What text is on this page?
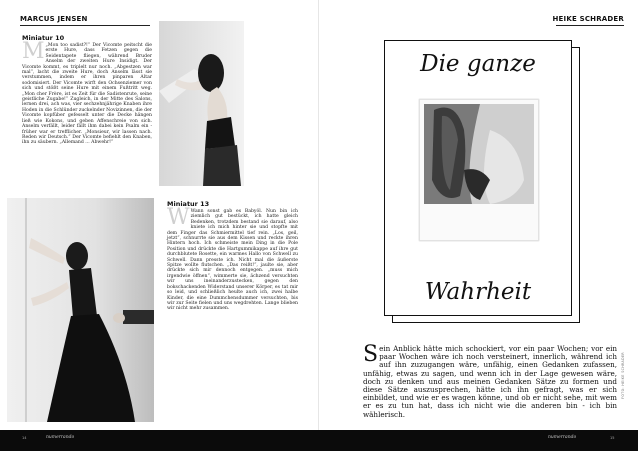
MARCUS JENSEN
Miniatur 10
M „Mon too sadist?!“ Der Vicomte peitscht die erste Hure, dass Fetzen gegen die Seidentapete fliegen, während Bruder Anselm der zweiten Hure Insidigt. Der Vicomte kommt, es triplelt nur noch. „Abgestzen war mal“, lacht die zweite Hure, doch Anselm lässt sie verstummen, indem er ihren pinparen Altar sodomisiert. Der Vicomte wirft den Ochsenziemer von sich und stößt seine Hure mit einem Fußtritt weg. „Mon cher Frère, ist es Zeit für die Sadistenrute, seine geistliche Zugabe!“ Zugleich, in der Mitte des Salons, lernen drei, ach was, vier sechzehnjährige Knaben ihre Hoden in die Schlünder zuckelnder Novizinnen, die der Vicomte kopfüber gefesselt unter die Decke hängen ließ wie Kokons, und geben Affenschreie von sich. Anselm verfällt, leider fällt ihm dabei kein Psalm ein - früher war er trefflicher. „Monsieur, wir lassen nach. Reden wir Deutsch.“ Der Vicomte befiehlt den Knaben, ihn zu säubern. „Allemand ... Abwehr!“
Miniatur 13
W Wann sonst gab es Babyöl. Nun bin ich ziemlich gut bestückt, ich hatte gleich Bedenken, trotzdem bestand sie darauf, also kniete ich mich hinter sie und stopfte mit dem Finger das Schmiermittel tief rein. „Los, geil, jetzt“, schnurrte sie aus dem Kissen und reckte ihren Hintern hoch. Ich schmeiste mein Ding in die Pole Position und drückte die Hartgummikappe auf ihre gut durchblutete Rosette, ein warmes Hallo von Schwell zu Schwell. Dann presste ich. Nicht mal die äußerste Spitze wollte flutschen. „Das reißt!“, jaulte sie, aber drückte sich mir dennoch entgegen. „muss mich irgendwie öffnen“, wimmerte sie, ächzend versuchten wir uns ineinanderzustecken, gegen den bokschackenden Widerstand unserer Körper, es tat mir so leid, und schließlich heulte auch ich, zwei halbe Kinder, die eine Dummchensdummer versuchten, bis wir zur Seite fielen und uns wegdrehten. Lange blieben wir nicht mehr zusammen.
HEIKE SCHRADER
Die ganze
Wahrheit
S ein Anblick hätte mich schockiert, vor ein paar Wochen; vor ein paar Wochen wäre ich noch versteinert, innerlich, während ich auf ihn zuzugangen wäre, unfähig, einen Gedanken zufassen, unfähig, etwas zu sagen, und wenn ich in der Lage gewesen wäre, doch zu denken und aus meinen Gedanken Sätze zu formen und diese Sätze auszusprechen, hätte ich ihn gefragt, was er sich einbildet, und wie er es wagen könne, und ob er nicht sehe, mit wem er es zu tun hat, dass ich nicht wie die anderen bin - ich bin wählerisch.
FOTO: HEIKE SCHRADER
14	numerrando	numerrando	15
